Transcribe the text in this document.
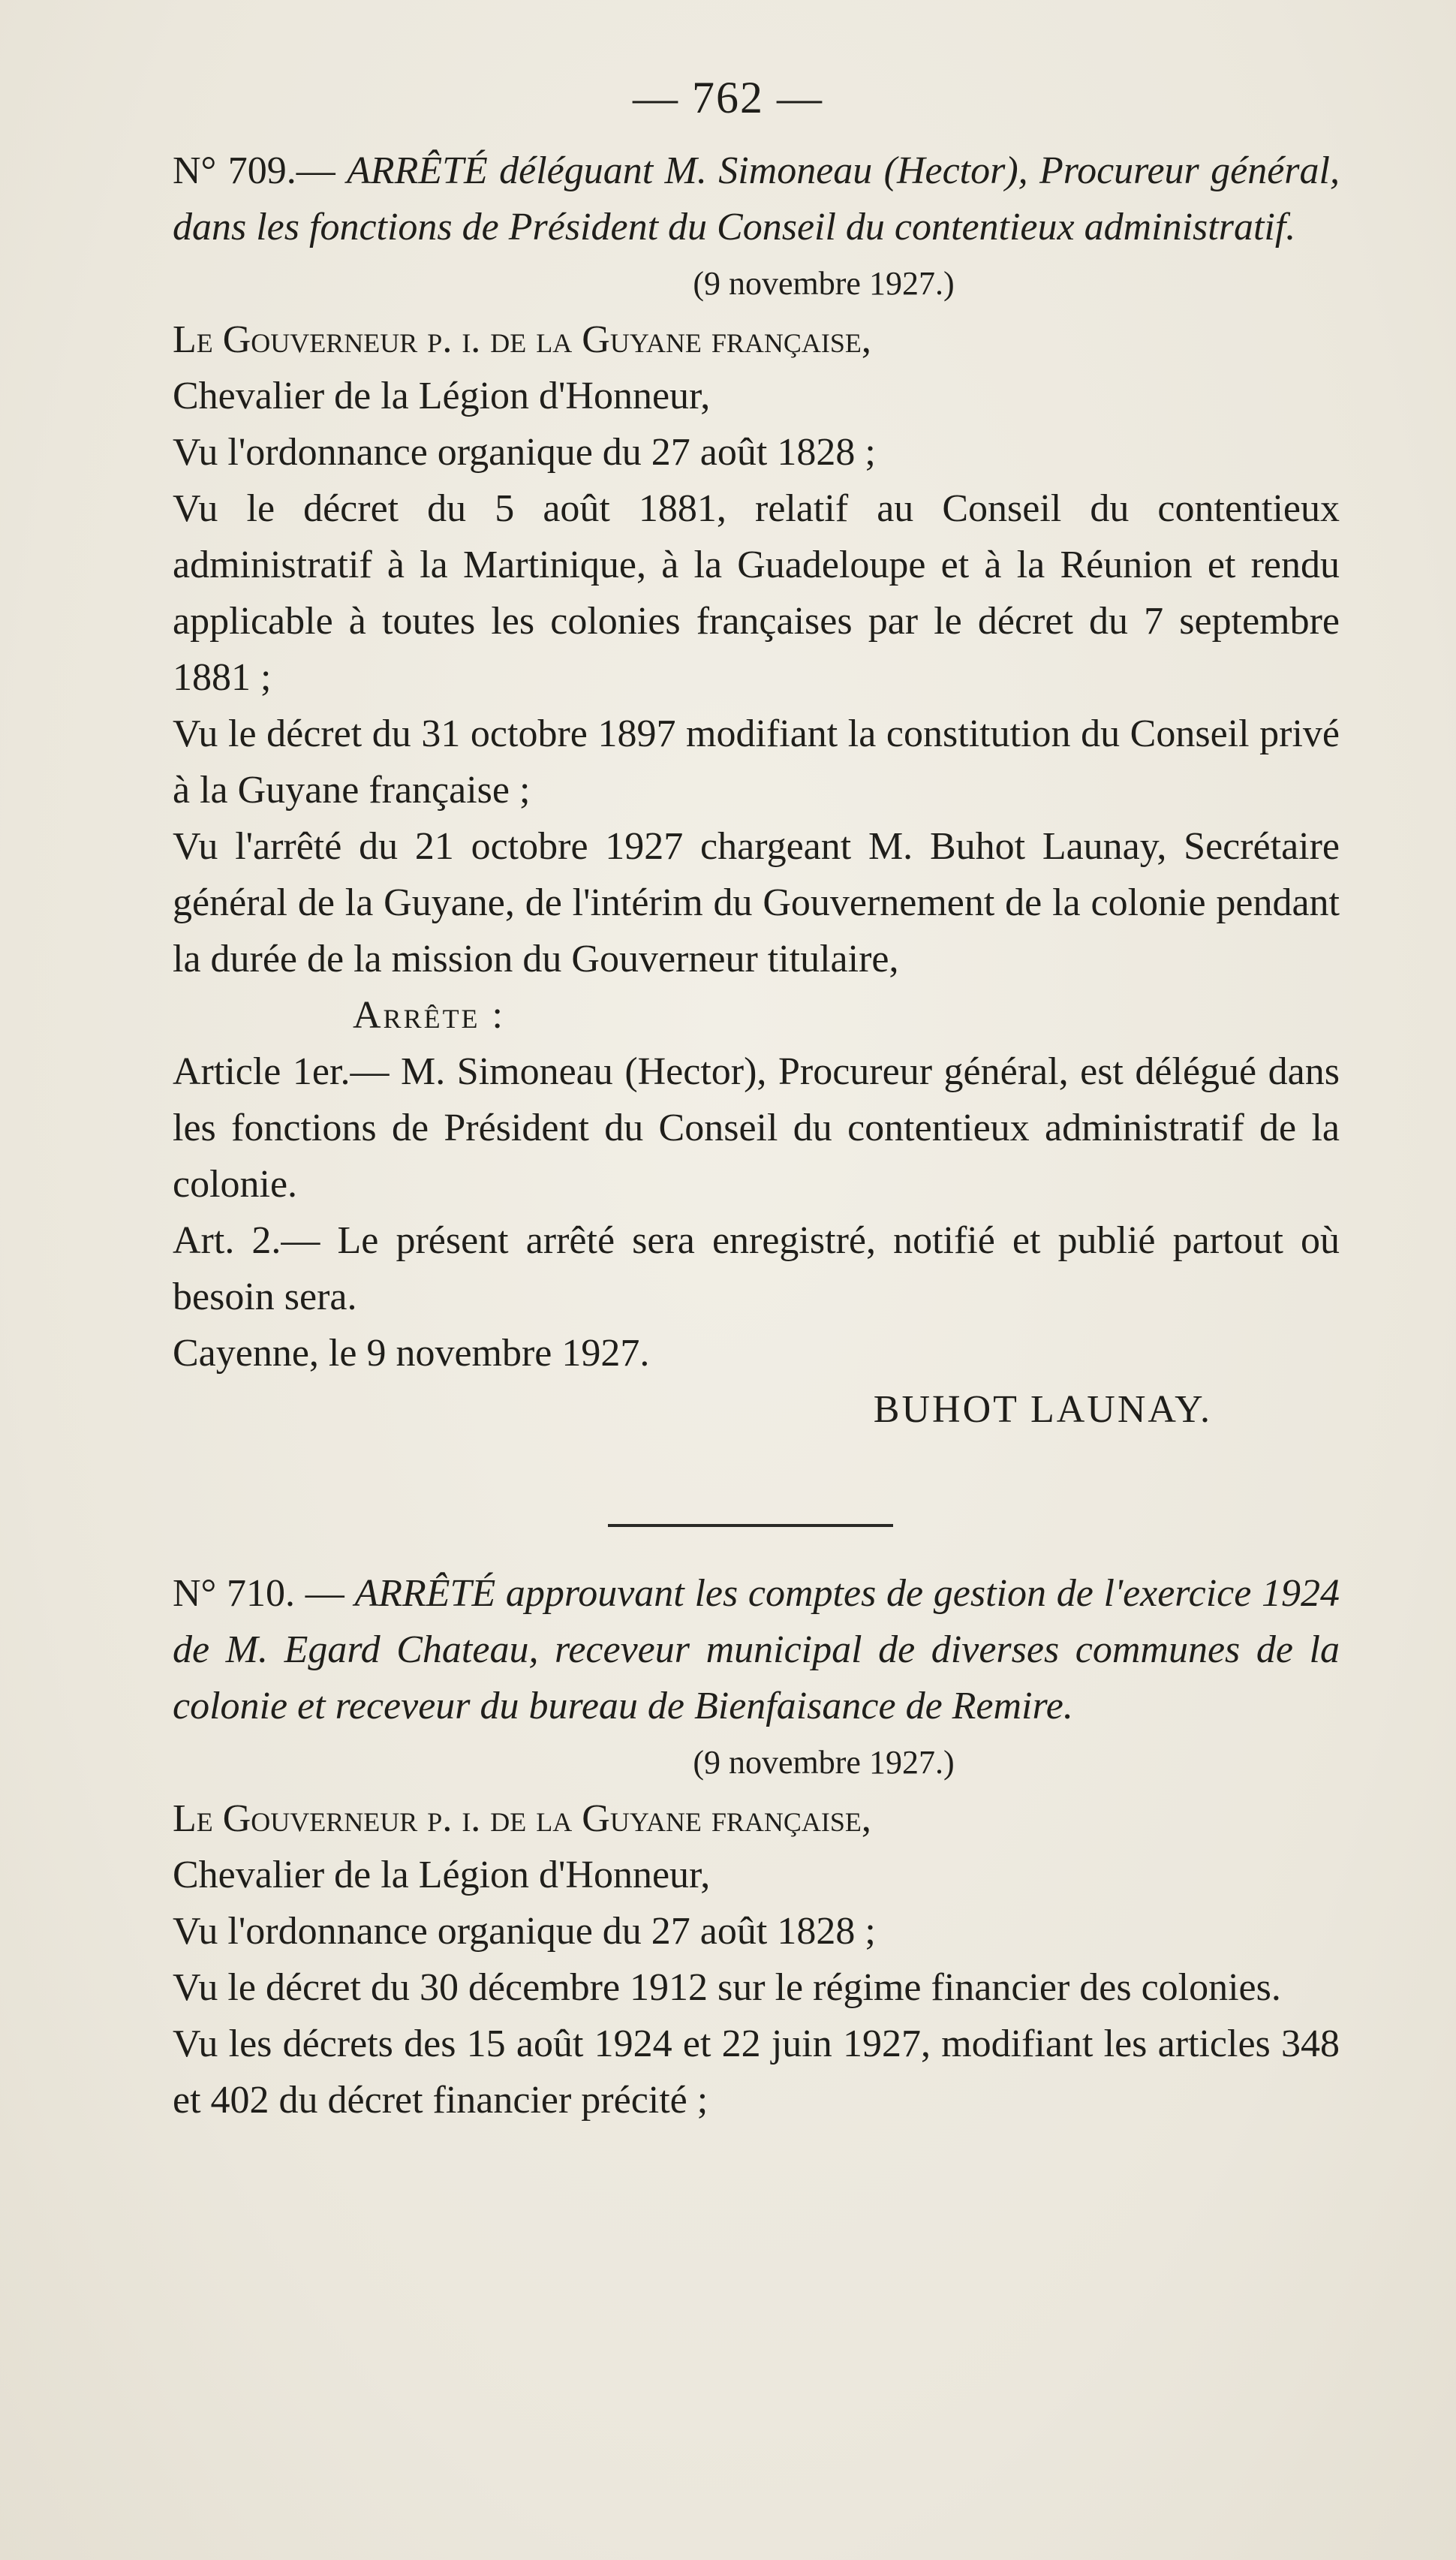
— 762 —

N° 709.— ARRÊTÉ déléguant M. Simoneau (Hector), Procureur général, dans les fonctions de Président du Conseil du contentieux administratif.

(9 novembre 1927.)

Le Gouverneur p. i. de la Guyane française,

Chevalier de la Légion d'Honneur,

Vu l'ordonnance organique du 27 août 1828 ;

Vu le décret du 5 août 1881, relatif au Conseil du contentieux administratif à la Martinique, à la Guadeloupe et à la Réunion et rendu applicable à toutes les colonies françaises par le décret du 7 septembre 1881 ;

Vu le décret du 31 octobre 1897 modifiant la constitution du Conseil privé à la Guyane française ;

Vu l'arrêté du 21 octobre 1927 chargeant M. Buhot Launay, Secrétaire général de la Guyane, de l'intérim du Gouvernement de la colonie pendant la durée de la mission du Gouverneur titulaire,

Arrête :

Article 1er.— M. Simoneau (Hector), Procureur général, est délégué dans les fonctions de Président du Conseil du contentieux administratif de la colonie.

Art. 2.— Le présent arrêté sera enregistré, notifié et publié partout où besoin sera.

Cayenne, le 9 novembre 1927.

BUHOT LAUNAY.

N° 710. — ARRÊTÉ approuvant les comptes de gestion de l'exercice 1924 de M. Egard Chateau, receveur municipal de diverses communes de la colonie et receveur du bureau de Bienfaisance de Remire.

(9 novembre 1927.)

Le Gouverneur p. i. de la Guyane française,

Chevalier de la Légion d'Honneur,

Vu l'ordonnance organique du 27 août 1828 ;

Vu le décret du 30 décembre 1912 sur le régime financier des colonies.

Vu les décrets des 15 août 1924 et 22 juin 1927, modifiant les articles 348 et 402 du décret financier précité ;
